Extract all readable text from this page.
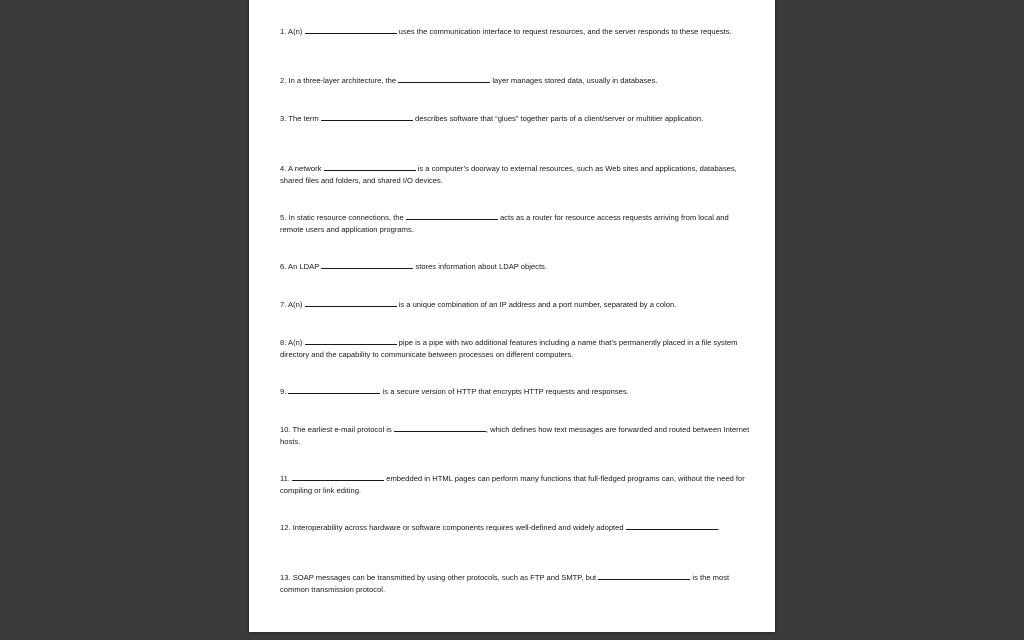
1. A(n)	uses the communication interface to request resources, and the server responds to these requests.
2. In a three-layer architecture, the	layer manages stored data, usually in databases.
3. The term	describes software that “glues” together parts of a client/server or multitier application.
4. A network	is a computer’s doorway to external resources, such as Web sites and applications, databases, shared files and folders, and shared I/O devices.
5. In static resource connections, the	acts as a router for resource access requests arriving from local and remote users and application programs.
6. An LDAP	stores information about LDAP objects.
7. A(n)	is a unique combination of an IP address and a port number, separated by a colon.
8. A(n)	pipe is a pipe with two additional features including a name that’s permanently placed in a file system directory and the capability to communicate between processes on different computers.
9.	is a secure version of HTTP that encrypts HTTP requests and responses.
10. The earliest e-mail protocol is	, which defines how text messages are forwarded and routed between Internet hosts.
11.	embedded in HTML pages can perform many functions that full-fledged programs can, without the need for compiling or link editing.
12. Interoperability across hardware or software components requires well-defined and widely adopted	.
13. SOAP messages can be transmitted by using other protocols, such as FTP and SMTP, but	is the most common transmission protocol.
